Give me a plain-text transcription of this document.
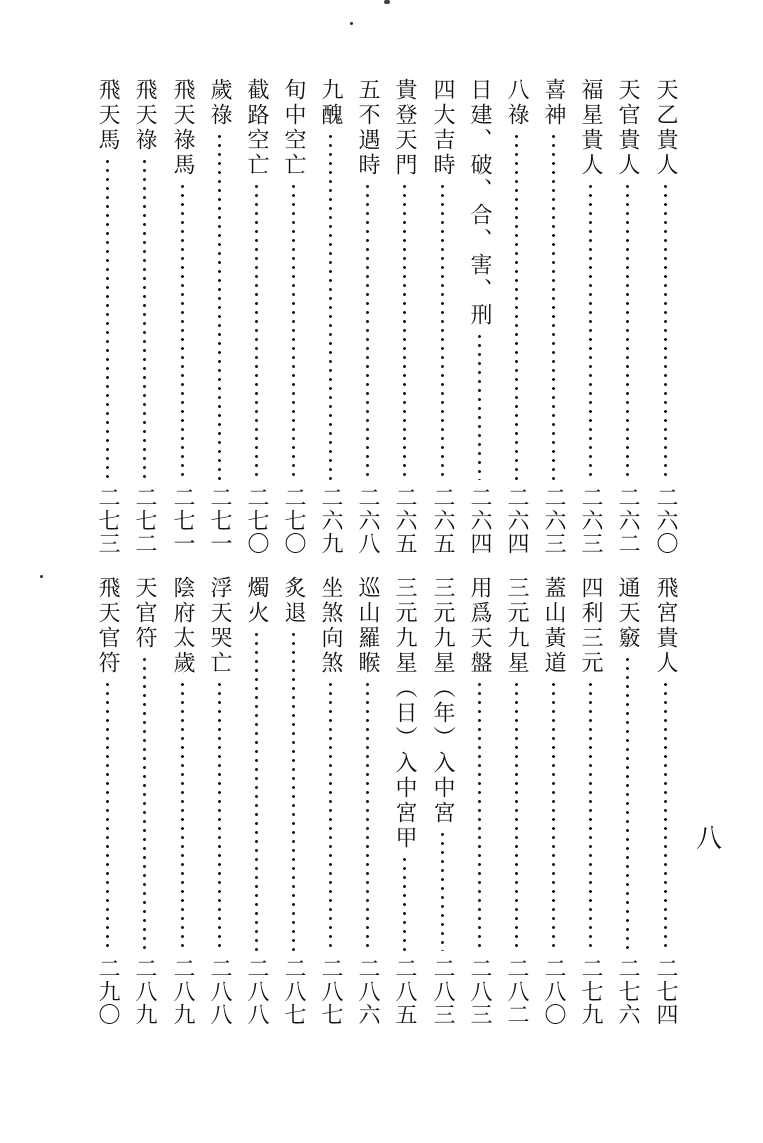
天乙貴人
二六〇
天官貴人
二六二
福星貴人
二六三
喜神
二六三
八祿
二六四
日建、破、合、害、刑
二六四
四大吉時
二六五
貴登天門
二六五
五不遇時
二六八
九醜
二六九
旬中空亡
二七〇
截路空亡
二七〇
歲祿
二七一
飛天祿馬
二七一
飛天祿
二七二
飛天馬
二七三
飛宮貴人
二七四
通天竅
二七六
四利三元
二七九
蓋山黃道
二八〇
三元九星
二八二
用爲天盤
二八三
三元九星（年）入中宮
二八三
三元九星（日）入中宮甲
二八五
巡山羅睺
二八六
坐煞向煞
二八七
炙退
二八七
燭火
二八八
浮天哭亡
二八八
陰府太歲
二八九
天官符
二八九
飛天官符
二九〇
八
